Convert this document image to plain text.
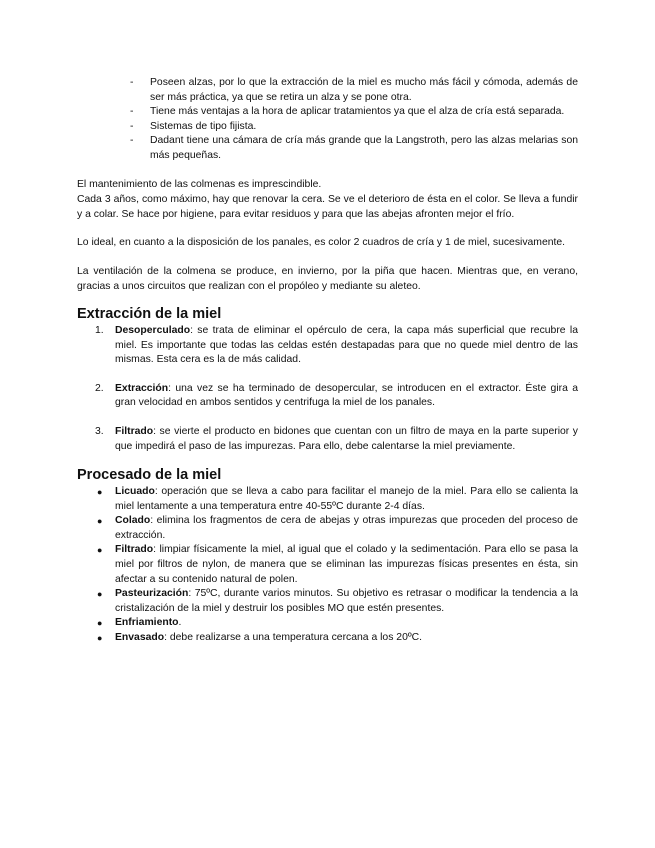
- Poseen alzas, por lo que la extracción de la miel es mucho más fácil y cómoda, además de ser más práctica, ya que se retira un alza y se pone otra.
- Tiene más ventajas a la hora de aplicar tratamientos ya que el alza de cría está separada.
- Sistemas de tipo fijista.
- Dadant tiene una cámara de cría más grande que la Langstroth, pero las alzas melarias son más pequeñas.

El mantenimiento de las colmenas es imprescindible.

Cada 3 años, como máximo, hay que renovar la cera. Se ve el deterioro de ésta en el color. Se lleva a fundir y a colar. Se hace por higiene, para evitar residuos y para que las abejas afronten mejor el frío.

Lo ideal, en cuanto a la disposición de los panales, es color 2 cuadros de cría y 1 de miel, sucesivamente.

La ventilación de la colmena se produce, en invierno, por la piña que hacen. Mientras que, en verano, gracias a unos circuitos que realizan con el propóleo y mediante su aleteo.

Extracción de la miel
1. Desoperculado: se trata de eliminar el opérculo de cera, la capa más superficial que recubre la miel. Es importante que todas las celdas estén destapadas para que no quede miel dentro de las mismas. Esta cera es la de más calidad.
2. Extracción: una vez se ha terminado de desopercular, se introducen en el extractor. Éste gira a gran velocidad en ambos sentidos y centrifuga la miel de los panales.
3. Filtrado: se vierte el producto en bidones que cuentan con un filtro de maya en la parte superior y que impedirá el paso de las impurezas. Para ello, debe calentarse la miel previamente.
Procesado de la miel
● Licuado: operación que se lleva a cabo para facilitar el manejo de la miel. Para ello se calienta la miel lentamente a una temperatura entre 40-55ºC durante 2-4 días.
● Colado: elimina los fragmentos de cera de abejas y otras impurezas que proceden del proceso de extracción.
● Filtrado: limpiar físicamente la miel, al igual que el colado y la sedimentación. Para ello se pasa la miel por filtros de nylon, de manera que se eliminan las impurezas físicas presentes en ésta, sin afectar a su contenido natural de polen.
● Pasteurización: 75ºC, durante varios minutos. Su objetivo es retrasar o modificar la tendencia a la cristalización de la miel y destruir los posibles MO que estén presentes.
● Enfriamiento.
● Envasado: debe realizarse a una temperatura cercana a los 20ºC.
